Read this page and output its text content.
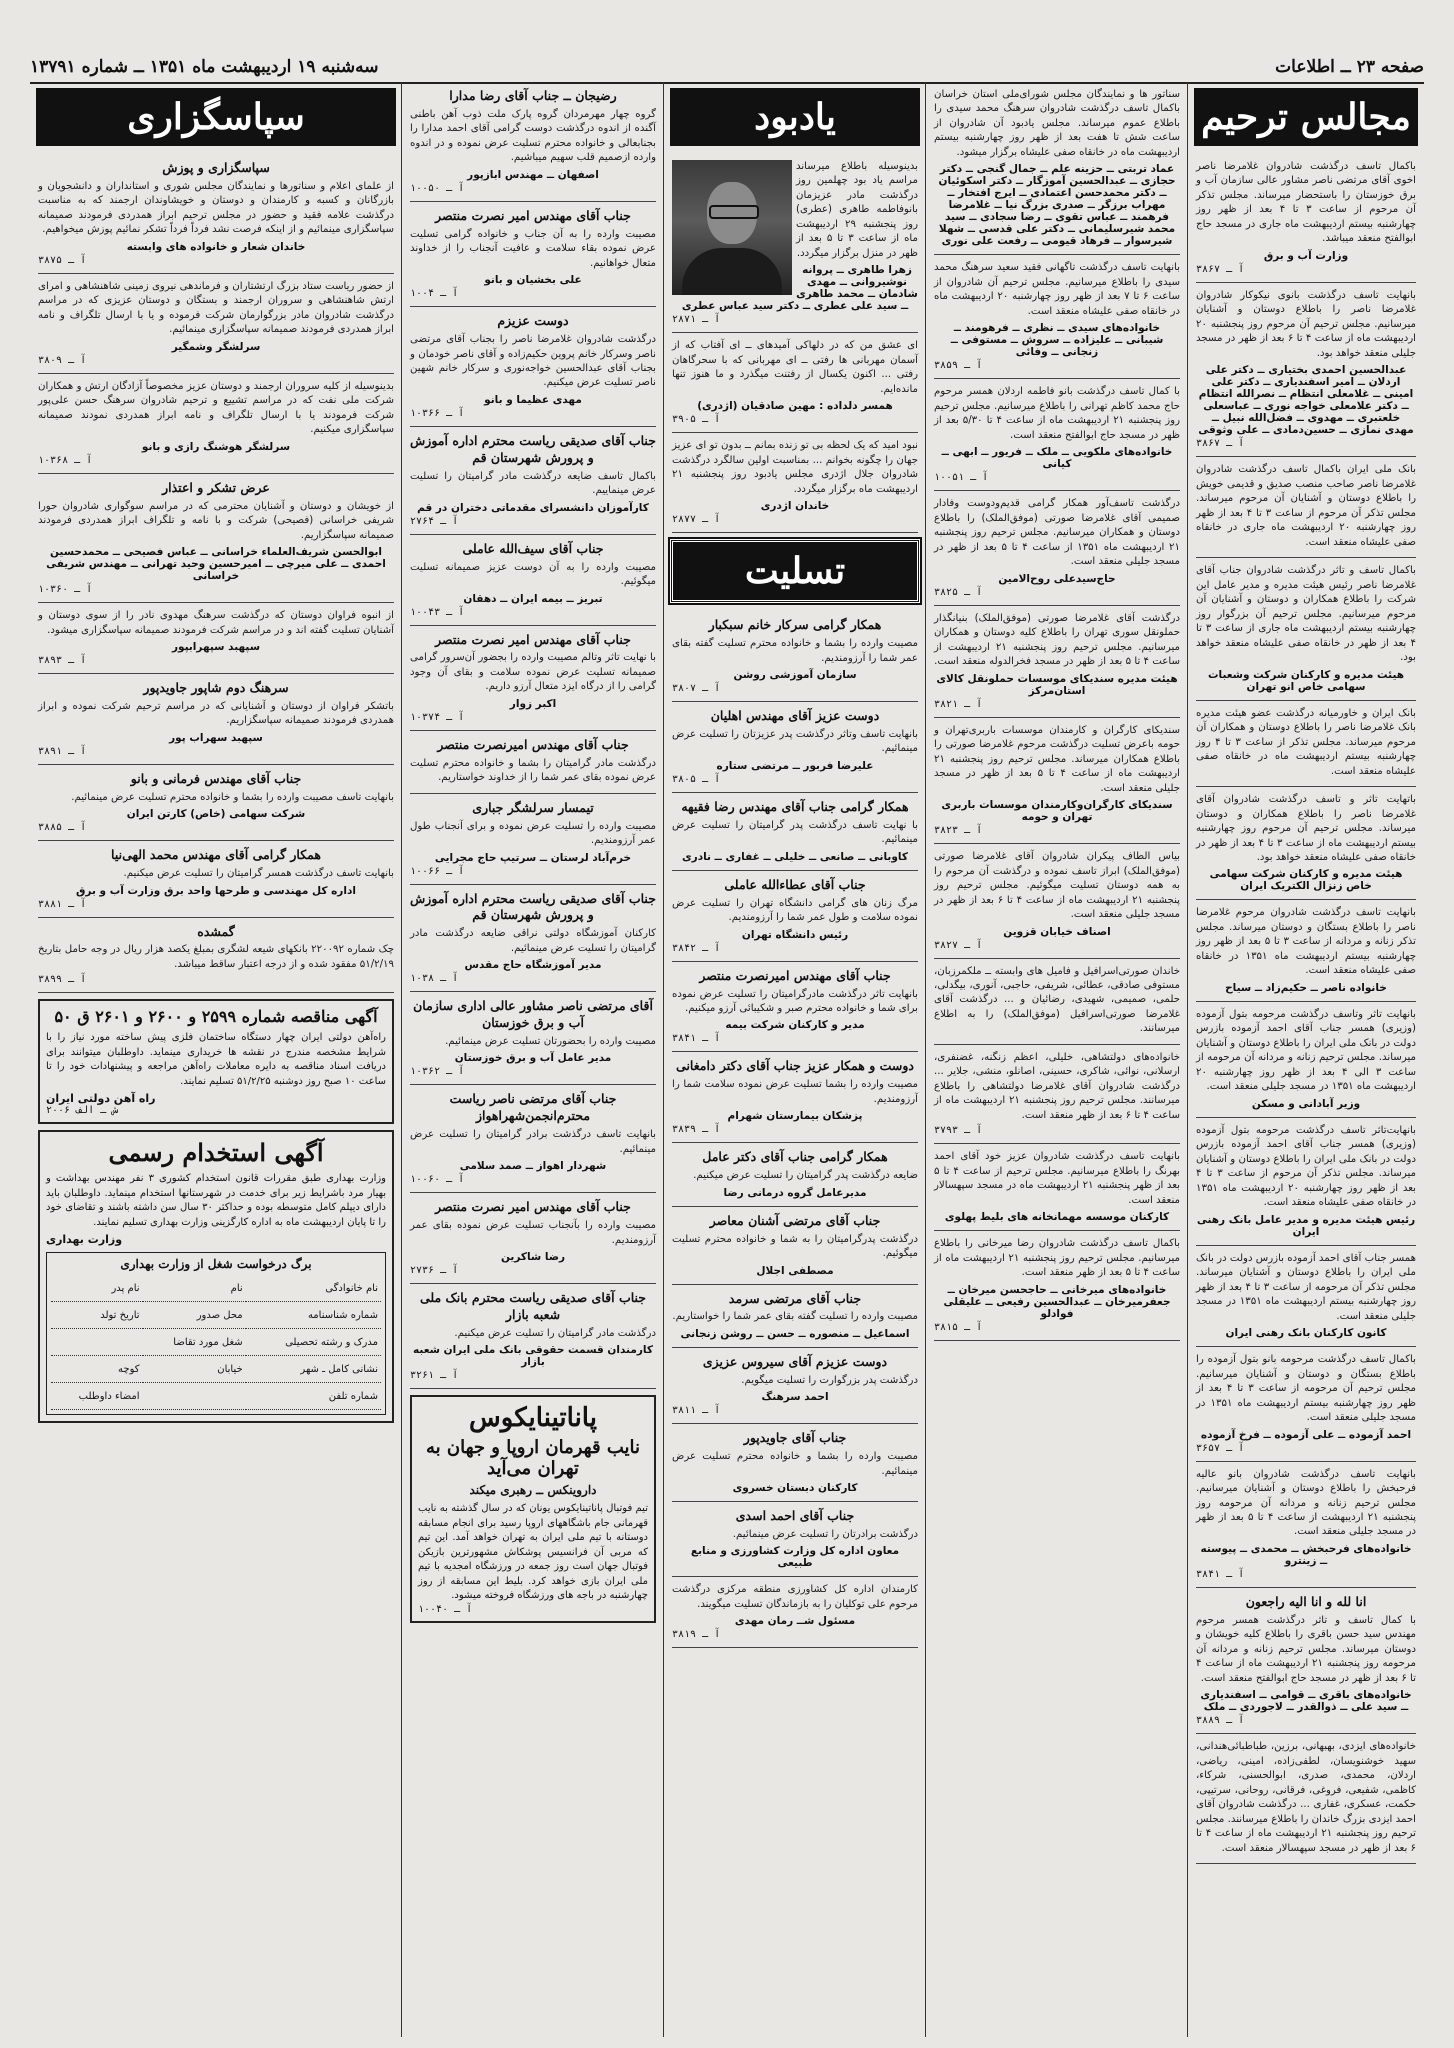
صفحه ۲۳ ــ اطلاعات
سه‌شنبه ۱۹ اردیبهشت ماه ۱۳۵۱ ــ شماره ۱۳۷۹۱
مجالس ترحیم

باکمال تاسف درگذشت شادروان غلامرضا ناصر اخوی آقای مرتضی ناصر مشاور عالی سازمان آب و برق خوزستان را باستحضار میرساند. مجلس تذکر آن مرحوم از ساعت ۳ تا ۴ بعد از ظهر روز چهارشنبه بیستم اردیبهشت ماه جاری در مسجد حاج ابوالفتح منعقد میباشد.

وزارت آب و برق
آ ـ ۳۸۶۷

بانهایت تاسف درگذشت بانوی نیکوکار شادروان غلامرضا ناصر را باطلاع دوستان و آشنایان میرسانیم. مجلس ترحیم آن مرحوم روز پنجشنبه ۲۰ اردیبهشت ماه از ساعت ۴ تا ۶ بعد از ظهر در مسجد جلیلی منعقد خواهد بود.

عبدالحسین احمدی بختیاری ــ دکتر علی اردلان ــ امیر اسفندیاری ــ دکتر علی امینی ــ غلامعلی انتظام ــ نصرالله انتظام ــ دکتر علامعلی خواجه نوری ــ عباسعلی خلعتبری ــ مهدوی ــ فضل‌الله نبیل ــ مهدی نمازی ــ حسین‌دمادی ــ علی وثوقی
آ ـ ۳۸۶۷

بانک ملی ایران باکمال تاسف درگذشت شادروان غلامرضا ناصر صاحب منصب صدیق و قدیمی خویش را باطلاع دوستان و آشنایان آن مرحوم میرساند. مجلس تذکر آن مرحوم از ساعت ۳ تا ۴ بعد از ظهر روز چهارشنبه ۲۰ اردیبهشت ماه جاری در خانقاه صفی علیشاه منعقد است.

باکمال تاسف و تاثر درگذشت شادروان جناب آقای غلامرضا ناصر رئیس هیئت مدیره و مدیر عامل این شرکت را باطلاع همکاران و دوستان و آشنایان آن مرحوم میرسانیم. مجلس ترحیم آن بزرگوار روز چهارشنبه بیستم اردیبهشت ماه جاری از ساعت ۳ تا ۴ بعد از ظهر در خانقاه صفی علیشاه منعقد خواهد بود.

هیئت مدیره و کارکنان شرکت وشعبات سهامی خاص انو تهران

بانک ایران و خاورمیانه درگذشت عضو هیئت مدیره بانک غلامرضا ناصر را باطلاع دوستان و همکاران آن مرحوم میرساند. مجلس تذکر از ساعت ۳ تا ۴ روز چهارشنبه بیستم اردیبهشت ماه در خانقاه صفی علیشاه منعقد است.

باتهایت تاثر و تاسف درگذشت شادروان آقای غلامرضا ناصر را باطلاع همکاران و دوستان میرساند. مجلس ترحیم آن مرحوم روز چهارشنبه بیستم اردیبهشت ماه از ساعت ۳ تا ۴ بعد از ظهر در خانقاه صفی علیشاه منعقد خواهد بود.

هیئت مدیره و کارکنان شرکت سهامی خاص زنزال الکتریک ایران

بانهایت تاسف درگذشت شادروان مرحوم غلامرضا ناصر را باطلاع بستگان و دوستان میرساند. مجلس تذکر زنانه و مردانه از ساعت ۳ تا ۵ بعد از ظهر روز چهارشنبه بیستم اردیبهشت ماه ۱۳۵۱ در خانقاه صفی علیشاه منعقد است.

خانواده ناصر ــ حکیم‌زاد ــ سیاح

بانهایت تاثر وتاسف درگذشت مرحومه بتول آزموده (وزیری) همسر جناب آقای احمد آزموده بازرس دولت در بانک ملی ایران را باطلاع دوستان و آشنایان میرساند. مجلس ترحیم زنانه و مردانه آن مرحومه از ساعت ۳ الی ۴ بعد از ظهر روز چهارشنبه ۲۰ اردیبهشت ماه ۱۳۵۱ در مسجد جلیلی منعقد است.

وزیر آبادانی و مسکن

بانهایت‌تاثر تاسف درگذشت مرحومه بتول آزموده (وزیری) همسر جناب آقای احمد آزموده بازرس دولت در بانک ملی ایران را باطلاع دوستان و آشنایان میرساند. مجلس تذکر آن مرحوم از ساعت ۳ تا ۴ بعد از ظهر روز چهارشنبه ۲۰ اردیبهشت ماه ۱۳۵۱ در خانقاه صفی علیشاه منعقد است.

رئیس هیئت مدیره و مدیر عامل بانک رهنی ایران

همسر جناب آقای احمد آزموده بازرس دولت در بانک ملی ایران را باطلاع دوستان و آشنایان میرساند. مجلس تذکر آن مرحومه از ساعت ۳ تا ۴ بعد از ظهر روز چهارشنبه بیستم اردیبهشت ماه ۱۳۵۱ در مسجد جلیلی منعقد است.

کانون کارکنان بانک رهنی ایران

باکمال تاسف درگذشت مرحومه بانو بتول آزموده را باطلاع بستگان و دوستان و آشنایان میرسانیم. مجلس ترحیم آن مرحومه از ساعت ۳ تا ۴ بعد از ظهر روز چهارشنبه بیستم اردیبهشت ماه ۱۳۵۱ در مسجد جلیلی منعقد است.

احمد آزموده ــ علی آزموده ــ فرخ آزموده
آ ـ ۳۶۵۷

بانهایت تاسف درگذشت شادروان بانو عالیه فرحبخش را باطلاع دوستان و آشنایان میرسانیم. مجلس ترحیم زنانه و مردانه آن مرحومه روز پنجشنبه ۲۱ اردیبهشت از ساعت ۴ تا ۵ بعد از ظهر در مسجد جلیلی منعقد است.

خانواده‌های فرحبخش ــ محمدی ــ پیوسته ــ زینترو
آ ـ ۳۸۴۱
انا لله و انا الیه راجعون

با کمال تاسف و تاثر درگذشت همسر مرحوم مهندس سید حسن باقری را باطلاع کلیه خویشان و دوستان میرساند. مجلس ترحیم زنانه و مردانه آن مرحومه روز پنجشنبه ۲۱ اردیبهشت ماه از ساعت ۴ تا ۶ بعد از ظهر در مسجد حاج ابوالفتح منعقد است.

خانواده‌های باقری ــ قوامی ــ اسفندیاری ــ سید علی ــ ذوالقدر ــ لاجوردی ــ ملک
آ ـ ۳۸۸۹

خانواده‌های ایزدی، بهبهانی، برزین، طباطبائی‌هندانی، سهید خوشنویسان، لطفی‌زاده، امینی، ریاضی، اردلان، محمدی، صدری، ابوالحسنی، شرکاء، کاظمی، شفیعی، فروغی، فرقانی، روحانی، سرتیپی، حکمت، عسکری، غفاری ... درگذشت شادروان آقای احمد ایزدی بزرگ خاندان را باطلاع میرسانند. مجلس ترحیم روز پنجشنبه ۲۱ اردیبهشت ماه از ساعت ۴ تا ۶ بعد از ظهر در مسجد سپهسالار منعقد است.

سناتور ها و نمایندگان مجلس شورای‌ملی استان خراسان باکمال تاسف درگذشت شادروان سرهنگ محمد سیدی را باطلاع عموم میرساند. مجلس یادبود آن شادروان از ساعت شش تا هفت بعد از ظهر روز چهارشنبه بیستم اردیبهشت ماه در خانقاه صفی علیشاه برگزار میشود.

عماد تربتی ــ حزینه علم ــ جمال گنجی ــ دکتر حجازی ــ عبدالحسین آموزگار ــ دکتر اسکوئیان ــ دکتر محمدحسن اعتمادی ــ ایرج افتخار ــ مهراب برزگر ــ صدری بزرگ نیا ــ غلامرضا فرهمند ــ عباس تقوی ــ رضا سجادی ــ سید محمد شیرسلیمانی ــ دکتر علی قدسی ــ شهلا شیرسوار ــ فرهاد قیومی ــ رفعت علی نوری

بانهایت تاسف درگذشت تاگهانی فقید سعید سرهنگ محمد سیدی را باطلاع میرسانیم. مجلس ترحیم آن شادروان از ساعت ۶ تا ۷ بعد از ظهر روز چهارشنبه ۲۰ اردیبهشت ماه در خانقاه صفی علیشاه منعقد است.

خانواده‌های سیدی ــ نظری ــ فرهومند ــ شیبانی ــ علیزاده ــ سروش ــ مستوفی ــ زنجانی ــ وفائی
آ ـ ۳۸۵۹

با کمال تاسف درگذشت بانو فاطمه اردلان همسر مرحوم حاج محمد کاظم تهرانی را باطلاع میرسانیم. مجلس ترحیم روز پنجشنبه ۲۱ اردیبهشت ماه از ساعت ۴ تا ۵/۳۰ بعد از ظهر در مسجد حاج ابوالفتح منعقد است.

خانواده‌های ملکویی ــ ملک ــ فریور ــ ابهی ــ کیانی
آ ـ ۱۰۰۵۱

درگذشت تاسف‌آور همکار گرامی قدیم‌ودوست وفادار صمیمی آقای غلامرضا صورتی (موفق‌الملک) را باطلاع دوستان و همکاران میرسانیم. مجلس ترحیم روز پنجشنبه ۲۱ اردیبهشت ماه ۱۳۵۱ از ساعت ۴ تا ۵ بعد از ظهر در مسجد جلیلی منعقد است.

حاج‌سیدعلی روح‌الامین
آ ـ ۳۸۲۵

درگذشت آقای غلامرضا صورتی (موفق‌الملک) بنیانگذار حملونقل سوری تهران را باطلاع کلیه دوستان و همکاران میرسانیم. مجلس ترحیم روز پنجشنبه ۲۱ اردیبهشت از ساعت ۴ تا ۵ بعد از ظهر در مسجد فخرالدوله منعقد است.

هیئت مدیره سندیکای موسسات حملونقل کالای استان‌مرکز
آ ـ ۳۸۲۱

سندیکای کارگران و کارمندان موسسات باربری‌تهران و حومه باعرض تسلیت درگذشت مرحوم غلامرضا صورتی را باطلاع همکاران میرساند. مجلس ترحیم روز پنجشنبه ۲۱ اردیبهشت ماه از ساعت ۴ تا ۵ بعد از ظهر در مسجد جلیلی منعقد است.

سندیکای کارگران‌وکارمندان موسسات باربری تهران و حومه
آ ـ ۳۸۲۳

بیاس الطاف پیکران شادروان آقای غلامرضا صورتی (موفق‌الملک) ابراز تاسف نموده و درگذشت آن مرحوم را به همه دوستان تسلیت میگوئیم. مجلس ترحیم روز پنجشنبه ۲۱ اردیبهشت ماه از ساعت ۴ تا ۶ بعد از ظهر در مسجد جلیلی منعقد است.

اصناف خیابان قزوین
آ ـ ۳۸۲۷

خاندان صورتی‌اسرافیل و فامیل های وابسته ــ ملکمرزبان، مستوفی صادقی، عطائی، شریفی، حاجبی، آنوری، بیگدلی، حلمی، صمیمی، شهیدی، رضائیان و ... درگذشت آقای غلامرضا صورتی‌اسرافیل (موفق‌الملک) را به اطلاع میرسانند.

خانواده‌های دولتشاهی، خلیلی، اعظم زنگنه، غضنفری، ارسلانی، نوائی، شاکری، حسینی، اصانلو، منشی، جلایر ... درگذشت شادروان آقای غلامرضا دولتشاهی را باطلاع میرسانند. مجلس ترحیم روز پنجشنبه ۲۱ اردیبهشت ماه از ساعت ۴ تا ۶ بعد از ظهر منعقد است.

آ ـ ۳۷۹۳

بانهایت تاسف درگذشت شادروان عزیز خود آقای احمد بهرنگ را باطلاع میرسانیم. مجلس ترحیم از ساعت ۴ تا ۵ بعد از ظهر پنجشنبه ۲۱ اردیبهشت ماه در مسجد سپهسالار منعقد است.

کارکنان موسسه مهمانخانه های بلیط پهلوی

باکمال تاسف درگذشت شادروان رضا میرخانی را باطلاع میرسانیم. مجلس ترحیم روز پنجشنبه ۲۱ اردیبهشت ماه از ساعت ۴ تا ۵ بعد از ظهر منعقد است.

خانواده‌های میرخانی ــ حاجحسن میرخان ــ جعفرمیرخان ــ عبدالحسین رفیعی ــ علیقلی فوادلو
آ ـ ۳۸۱۵
یادبود

بدینوسیله باطلاع میرساند مراسم یاد بود چهلمین روز درگذشت مادر عزیزمان بانوفاطمه طاهری (عطری) روز پنجشنبه ۲۹ اردیبهشت ماه از ساعت ۳ تا ۵ بعد از ظهر در منزل برگزار میگردد.

زهرا طاهری ــ پروانه نوشیروانی ــ مهدی شادمان ــ محمد طاهری ــ سید علی عطری ــ دکتر سید عباس عطری
آ ـ ۲۸۷۱

ای عشق من که در دلهاکی آمیدهای ــ ای آفتاب که از آسمان مهربانی ها رفتی ــ ای مهربانی که با سحرگاهان رفتی ... اکنون یکسال از رفتنت میگذرد و ما هنوز تنها مانده‌ایم.

همسر دلداده : مهین صادقیان (اژدری)
آ ـ ۳۹۰۵

نبود امید که یک لحظه بی تو زنده بمانم ــ بدون تو ای عزیز جهان را چگونه بخوانم ... بمناسبت اولین سالگرد درگذشت شادروان جلال اژدری مجلس یادبود روز پنجشنبه ۲۱ اردیبهشت ماه برگزار میگردد.

خاندان اژدری
آ ـ ۲۸۷۷
تسلیت
همکار گرامی سرکار خانم سبکبار

مصیبت وارده را بشما و خانواده محترم تسلیت گفته بقای عمر شما را آرزومندیم.

سازمان آموزشی روشن
آ ـ ۳۸۰۷
دوست عزیز آقای مهندس اهلیان

بانهایت تاسف وتاثر درگذشت پدر عزیزتان را تسلیت عرض مینمائیم.

علیرضا فربور ــ مرتضی ستاره
آ ـ ۳۸۰۵
همکار گرامی جناب آقای مهندس رضا فقیهه

با نهایت تاسف درگذشت پدر گرامیتان را تسلیت عرض مینمائیم.

کاوبانی ــ صانعی ــ خلیلی ــ غفاری ــ نادری
جناب آقای عطاءالله عاملی

مرگ زنان های گرامی دانشگاه تهران را تسلیت عرض نموده سلامت و طول عمر شما را آرزومندیم.

رئیس دانشگاه تهران
آ ـ ۳۸۴۲
جناب آقای مهندس امیرنصرت منتصر

بانهایت تاثر درگذشت مادرگرامیتان را تسلیت عرض نموده برای شما و خانواده محترم صبر و شکیبائی آرزو میکنیم.

مدیر و کارکنان شرکت بیمه
آ ـ ۳۸۴۱
دوست و همکار عزیز جناب آقای دکتر دامغانی

مصیبت وارده را بشما تسلیت عرض نموده سلامت شما را آرزومندیم.

پزشکان بیمارستان شهرام
آ ـ ۳۸۳۹
همکار گرامی جناب آقای دکتر عامل

ضایعه درگذشت پدر گرامیتان را تسلیت عرض میکنیم.

مدیرعامل گروه درمانی رضا
جناب آقای مرتضی آشنان معاصر

درگذشت پدرگرامیتان را به شما و خانواده محترم تسلیت میگوئیم.

مصطفی اجلال
جناب آقای مرتضی سرمد

مصیبت وارده را تسلیت گفته بقای عمر شما را خواستاریم.

اسماعیل ــ منصوره ــ حسن ــ روشن زنجانی
دوست عزیزم آقای سیروس عزیزی

درگذشت پدر بزرگوارت را تسلیت میگویم.

احمد سرهنگ
آ ـ ۳۸۱۱
جناب آقای جاویدپور

مصیبت وارده را بشما و خانواده محترم تسلیت عرض مینمائیم.

کارکنان دبستان خسروی
جناب آقای احمد اسدی

درگذشت برادرتان را تسلیت عرض مینمائیم.

معاون اداره کل وزارت کشاورزی و منابع طبیعی

کارمندان اداره کل کشاورزی منطقه مرکزی درگذشت مرحوم علی توکلیان را به بازماندگان تسلیت میگویند.

مسئول شــ رمان مهدی
آ ـ ۳۸۱۹
رضیجان ــ جناب آقای رضا مدارا

گروه چهار مهرمردان گروه پارک ملت ذوب آهن باطنی آگنده از اندوه درگذشت دوست گرامی آقای احمد مدارا را بجنابعالی و خانواده محترم تسلیت عرض نموده و در اندوه وارده ازصمیم قلب سهیم میباشیم.

اصفهان ــ مهندس ابازپور
آ ـ ۱۰۰۵۰
جناب آقای مهندس امیر نصرت منتصر

مصیبت وارده را به آن جناب و خانواده گرامی تسلیت عرض نموده بقاء سلامت و عافیت آنجناب را از خداوند متعال خواهانیم.

علی بخشیان و بانو
آ ـ ۱۰۰۴
دوست عزیزم

درگذشت شادروان غلامرضا ناصر را بجناب آقای مرتضی ناصر وسرکار خانم پروین حکیم‌زاده و آقای ناصر خودمان و بجناب آقای عبدالحسین خواجه‌نوری و سرکار خانم شهین ناصر تسلیت عرض میکنیم.

مهدی عظیما و بانو
آ ـ ۱۰۳۶۶
جناب آقای صدیقی ریاست محترم اداره آموزش و پرورش شهرستان قم

باکمال تاسف ضایعه درگذشت مادر گرامیتان را تسلیت عرض مینماییم.

کارآموزان دانشسرای مقدماتی دختران در قم
آ ـ ۲۷۶۴
جناب آقای سیف‌الله عاملی

مصیبت وارده را به آن دوست عزیز صمیمانه تسلیت میگوئیم.

تبریز ــ بیمه ایران ــ دهقان
آ ـ ۱۰۰۴۳
جناب آقای مهندس امیر نصرت منتصر

با نهایت تاثر وتالم مصیبت وارده را بجضور آن‌سرور گرامی صمیمانه تسلیت عرض نموده سلامت و بقای آن وجود گرامی را از درگاه ایزد متعال آرزو داریم.

اکبر زوار
آ ـ ۱۰۳۷۴
جناب آقای مهندس امیرنصرت منتصر

درگذشت مادر گرامیتان را بشما و خانواده محترم تسلیت عرض نموده بقای عمر شما را از خداوند خواستاریم.

تیمسار سرلشگر جباری

مصیبت وارده را تسلیت عرض نموده و برای آنجناب طول عمر آرزومندیم.

خرم‌آباد لرستان ــ سرتیپ حاج مجرایی
آ ـ ۱۰۰۶۶
جناب آقای صدیقی ریاست محترم اداره آموزش و پرورش شهرستان قم

کارکنان آموزشگاه دولتی نراقی ضایعه درگذشت مادر گرامیتان را تسلیت عرض مینمائیم.

مدیر آموزشگاه حاج مقدس
آ ـ ۱۰۳۸
آقای مرتضی ناصر مشاور عالی اداری سازمان آب و برق خوزستان

مصیبت وارده را بحضورتان تسلیت عرض مینمائیم.

مدیر عامل آب و برق خوزستان
آ ـ ۱۰۳۶۲
جناب آقای مرتضی ناصر ریاست محترم‌انجمن‌شهراهواز

بانهایت تاسف درگذشت برادر گرامیتان را تسلیت عرض مینمائیم.

شهردار اهواز ــ صمد سلامی
آ ـ ۱۰۰۶۰
جناب آقای مهندس امیر نصرت منتصر

مصیبت وارده را بآنجناب تسلیت عرض نموده بقای عمر آرزومندیم.

رضا شاکرین
آ ـ ۲۷۳۶
جناب آقای صدیقی ریاست محترم بانک ملی شعبه بازار

درگذشت مادر گرامیتان را تسلیت عرض میکنیم.

کارمندان قسمت حقوقی بانک ملی ایران شعبه بازار
آ ـ ۳۲۶۱
پاناتینایکوس
نایب قهرمان اروپا و جهان به تهران می‌آید
داروینکس ــ رهبری میکند

تیم فوتبال پاناتینایکوس یونان که در سال گذشته به نایب قهرمانی جام باشگاههای اروپا رسید برای انجام مسابقه دوستانه با تیم ملی ایران به تهران خواهد آمد. این تیم که مربی آن فرانسیس پوشکاش مشهورترین بازیکن فوتبال جهان است روز جمعه در ورزشگاه امجدیه با تیم ملی ایران بازی خواهد کرد. بلیط این مسابقه از روز چهارشنبه در باجه های ورزشگاه فروخته میشود.

آ ـ ۱۰۰۴۰
سپاسگزاری
سپاسگزاری و پوزش

از علمای اعلام و سناتورها و نمایندگان مجلس شوری و استانداران و دانشجویان و بازرگانان و کسبه و کارمندان و دوستان و خویشاوندان ارجمند که به مناسبت درگذشت علامه فقید و حضور در مجلس ترحیم ابراز همدردی فرمودند صمیمانه سپاسگزاری مینمائیم و از اینکه فرصت نشد فرداً فرداً تشکر نمائیم پوزش میخواهیم.

خاندان شعار و خانواده های وابسته
آ ـ ۳۸۷۵

از حضور ریاست ستاد بزرگ ارتشتاران و فرماندهی نیروی زمینی شاهنشاهی و امرای ارتش شاهنشاهی و سروران ارجمند و بستگان و دوستان عزیزی که در مراسم درگذشت شادروان مادر بزرگوارمان شرکت فرموده و یا با ارسال تلگراف و نامه ابراز همدردی فرمودند صمیمانه سپاسگزاری مینمائیم.

سرلشگر وشمگیر
آ ـ ۳۸۰۹

بدینوسیله از کلیه سروران ارجمند و دوستان عزیز مخصوصاً آزادگان ارتش و همکاران شرکت ملی نفت که در مراسم تشییع و ترحیم شادروان سرهنگ حسن علی‌پور شرکت فرمودند یا با ارسال تلگراف و نامه ابراز همدردی نمودند صمیمانه سپاسگزاری میکنیم.

سرلشگر هوشنگ رازی و بانو
آ ـ ۱۰۳۶۸
عرض تشکر و اعتذار

از خویشان و دوستان و آشنایان محترمی که در مراسم سوگواری شادروان حورا شریفی خراسانی (فصیحی) شرکت و با نامه و تلگراف ابراز همدردی فرمودند صمیمانه سپاسگزاریم.

ابوالحسن شریف‌العلماء خراسانی ــ عباس فصیحی ــ محمدحسین احمدی ــ علی میرچی ــ امیرحسین وحید تهرانی ــ مهندس شریفی خراسانی
آ ـ ۱۰۳۶۰

از انبوه فراوان دوستان که درگذشت سرهنگ مهدوی نادر را از سوی دوستان و آشنایان تسلیت گفته اند و در مراسم شرکت فرمودند صمیمانه سپاسگزاری میشود.

سپهبد سپهرابپور
آ ـ ۳۸۹۳
سرهنگ دوم شاپور جاویدپور

باتشکر فراوان از دوستان و آشنایانی که در مراسم ترحیم شرکت نموده و ابراز همدردی فرمودند صمیمانه سپاسگزاریم.

سپهبد سهراب پور
آ ـ ۳۸۹۱
جناب آقای مهندس فرمانی و بانو

بانهایت تاسف مصیبت وارده را بشما و خانواده محترم تسلیت عرض مینمائیم.

شرکت سهامی (خاص) کارتن ایران
آ ـ ۳۸۸۵
همکار گرامی آقای مهندس محمد الهی‌نیا

بانهایت تاسف درگذشت همسر گرامیتان را تسلیت عرض میکنیم.

اداره کل مهندسی و طرحها واحد برق وزارت آب و برق
آ ـ ۳۸۸۱
گمشده

چک شماره ۲۲۰۰۹۲ بانکهای شیعه لشگری بمبلغ یکصد هزار ریال در وجه حامل بتاریخ ۵۱/۲/۱۹ مفقود شده و از درجه اعتبار ساقط میباشد.

آ ـ ۳۸۹۹
آگهی مناقصه شماره ۲۵۹۹ و ۲۶۰۰ و ۲۶۰۱ ق ۵۰

راه‌آهن دولتی ایران چهار دستگاه ساختمان فلزی پیش ساخته مورد نیاز را با شرایط مشخصه مندرج در نقشه ها خریداری مینماید. داوطلبان میتوانند برای دریافت اسناد مناقصه به دایره معاملات راه‌آهن مراجعه و پیشنهادات خود را تا ساعت ۱۰ صبح روز دوشنبه ۵۱/۲/۲۵ تسلیم نمایند.

راه آهن دولتی ایران
ش ـ الف ۲۰۰۶
آگهی استخدام رسمی

وزارت بهداری طبق مقررات قانون استخدام کشوری ۳ نفر مهندس بهداشت و بهیار مرد باشرایط زیر برای خدمت در شهرستانها استخدام مینماید. داوطلبان باید دارای دیپلم کامل متوسطه بوده و حداکثر ۳۰ سال سن داشته باشند و تقاضای خود را تا پایان اردیبهشت ماه به اداره کارگزینی وزارت بهداری تسلیم نمایند.

وزارت بهداری
برگ درخواست شغل از وزارت بهداری
نام خانوادگی	نام	نام پدر
شماره شناسنامه	محل صدور	تاریخ تولد
مدرک و رشته تحصیلی	شغل مورد تقاضا	
نشانی کامل ـ شهر	خیابان	کوچه
شماره تلفن		امضاء داوطلب
